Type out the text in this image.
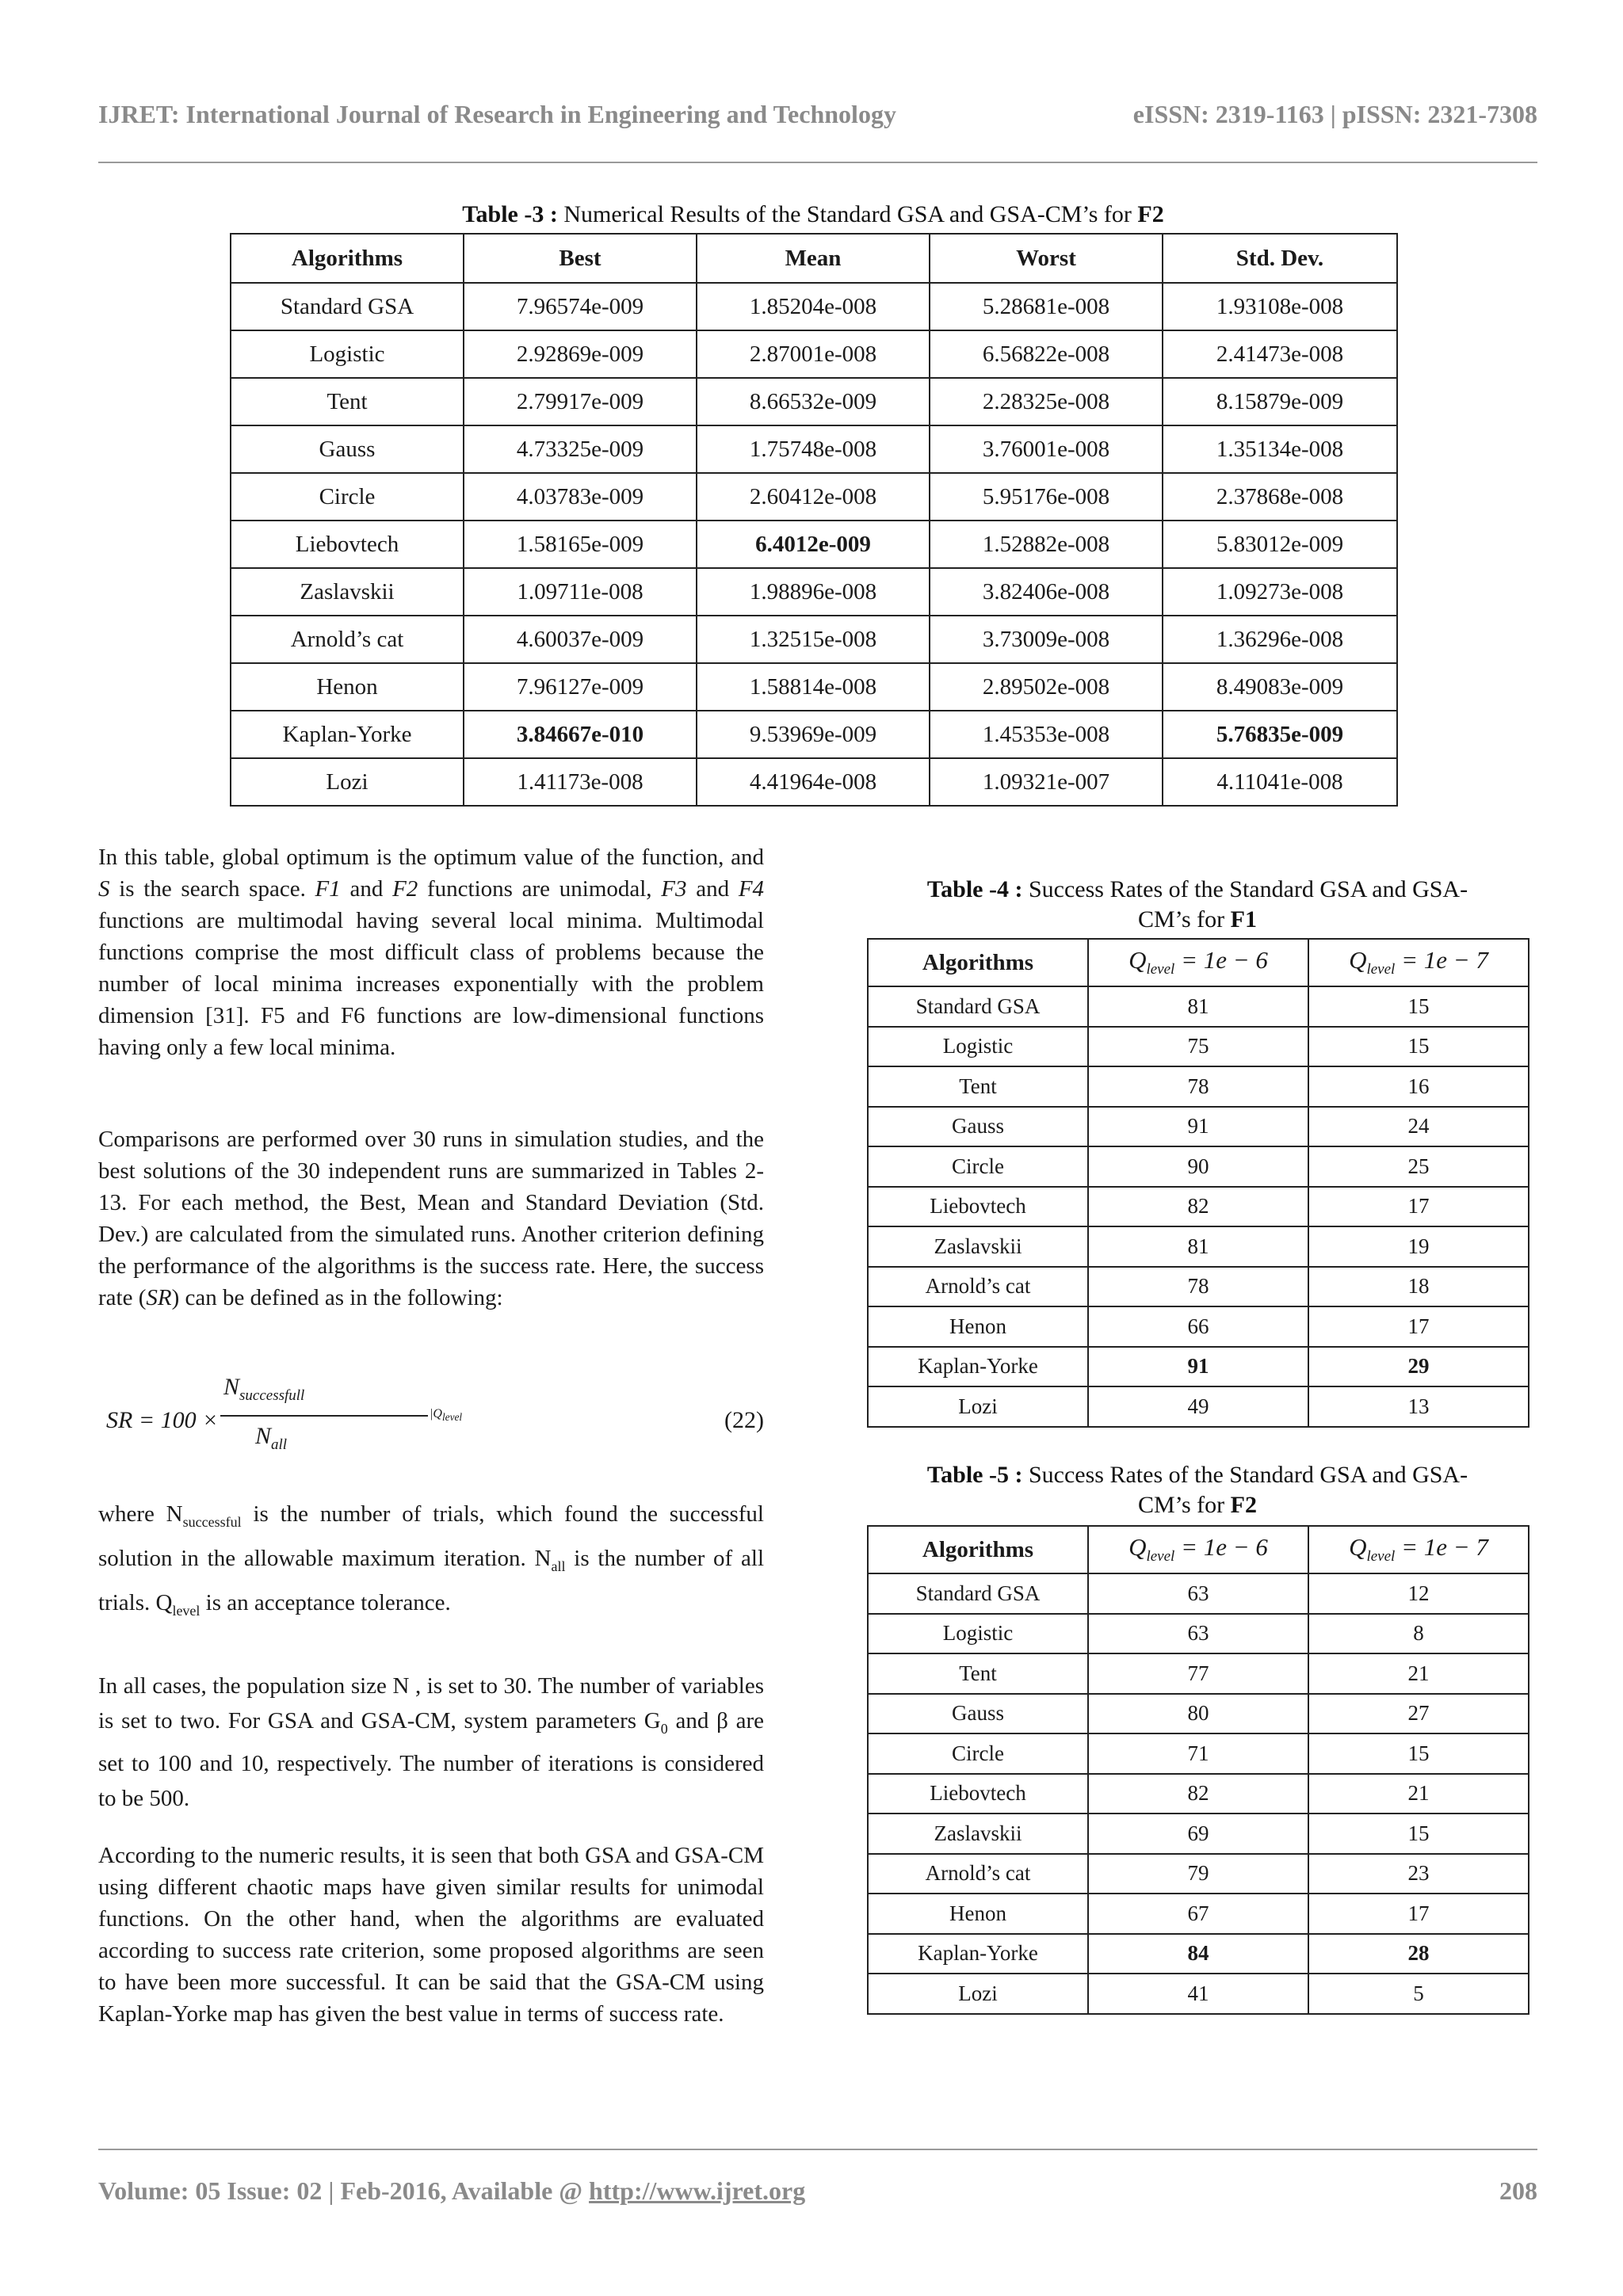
IJRET: International Journal of Research in Engineering and Technology	eISSN: 2319-1163 | pISSN: 2321-7308
Table -3 : Numerical Results of the Standard GSA and GSA-CM’s for F2
Algorithms	Best	Mean	Worst	Std. Dev.
Standard GSA	7.96574e-009	1.85204e-008	5.28681e-008	1.93108e-008
Logistic	2.92869e-009	2.87001e-008	6.56822e-008	2.41473e-008
Tent	2.79917e-009	8.66532e-009	2.28325e-008	8.15879e-009
Gauss	4.73325e-009	1.75748e-008	3.76001e-008	1.35134e-008
Circle	4.03783e-009	2.60412e-008	5.95176e-008	2.37868e-008
Liebovtech	1.58165e-009	6.4012e-009	1.52882e-008	5.83012e-009
Zaslavskii	1.09711e-008	1.98896e-008	3.82406e-008	1.09273e-008
Arnold’s cat	4.60037e-009	1.32515e-008	3.73009e-008	1.36296e-008
Henon	7.96127e-009	1.58814e-008	2.89502e-008	8.49083e-009
Kaplan-Yorke	3.84667e-010	9.53969e-009	1.45353e-008	5.76835e-009
Lozi	1.41173e-008	4.41964e-008	1.09321e-007	4.11041e-008
In this table, global optimum is the optimum value of the function, and S is the search space. F1 and F2 functions are unimodal, F3 and F4 functions are multimodal having several local minima. Multimodal functions comprise the most difficult class of problems because the number of local minima increases exponentially with the problem dimension [31]. F5 and F6 functions are low-dimensional functions having only a few local minima.
Comparisons are performed over 30 runs in simulation studies, and the best solutions of the 30 independent runs are summarized in Tables 2-13. For each method, the Best, Mean and Standard Deviation (Std. Dev.) are calculated from the simulated runs. Another criterion defining the performance of the algorithms is the success rate. Here, the success rate (SR) can be defined as in the following:
SR = 100 ×
$N_{successfull}$
$N_{all}$
$|Q_{level}$	(22)
where $N_{successful}$ is the number of trials, which found the successful solution in the allowable maximum iteration. $N_{all}$ is the number of all trials. $Q_{level}$ is an acceptance tolerance.
In all cases, the population size N , is set to 30. The number of variables is set to two. For GSA and GSA-CM, system parameters $G_0$ and β are set to 100 and 10, respectively. The number of iterations is considered to be 500.
According to the numeric results, it is seen that both GSA and GSA-CM using different chaotic maps have given similar results for unimodal functions. On the other hand, when the algorithms are evaluated according to success rate criterion, some proposed algorithms are seen to have been more successful. It can be said that the GSA-CM using Kaplan-Yorke map has given the best value in terms of success rate.
Table -4 : Success Rates of the Standard GSA and GSA-
CM’s for F1
Algorithms	$Q_{level} = 1e - 6$	$Q_{level} = 1e - 7$
Standard GSA	81	15
Logistic	75	15
Tent	78	16
Gauss	91	24
Circle	90	25
Liebovtech	82	17
Zaslavskii	81	19
Arnold’s cat	78	18
Henon	66	17
Kaplan-Yorke	91	29
Lozi	49	13
Table -5 : Success Rates of the Standard GSA and GSA-
CM’s for F2
Algorithms	$Q_{level} = 1e - 6$	$Q_{level} = 1e - 7$
Standard GSA	63	12
Logistic	63	8
Tent	77	21
Gauss	80	27
Circle	71	15
Liebovtech	82	21
Zaslavskii	69	15
Arnold’s cat	79	23
Henon	67	17
Kaplan-Yorke	84	28
Lozi	41	5
Volume: 05 Issue: 02 | Feb-2016, Available @ http://www.ijret.org	208
